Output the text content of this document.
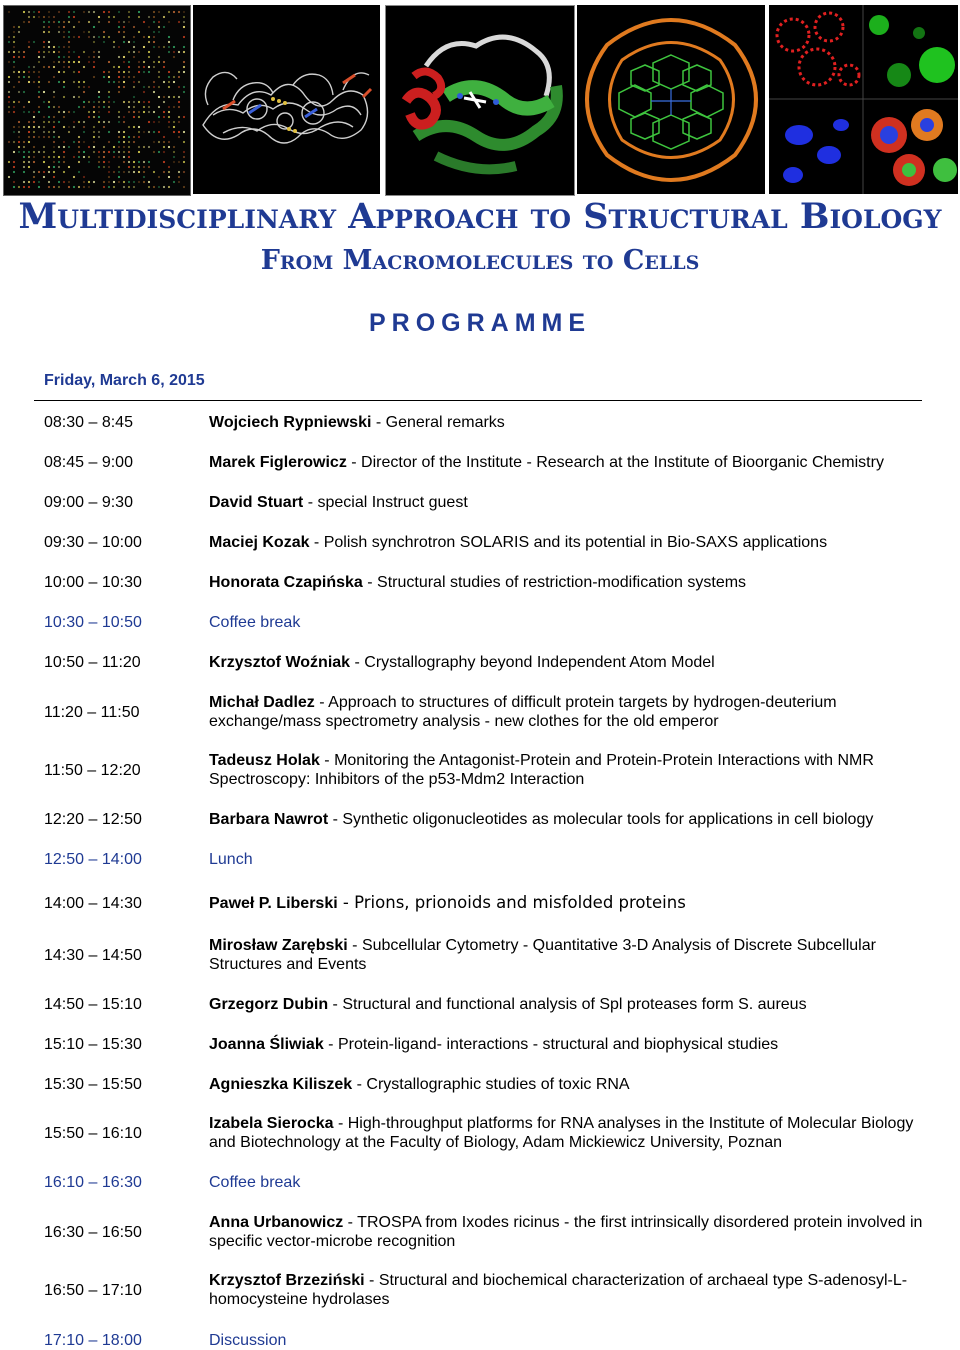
Multidisciplinary Approach to Structural Biology
From Macromolecules to Cells
PROGRAMME
Friday, March 6, 2015
Wojciech Rypniewski - General remarks
08:30 – 8:45
Marek Figlerowicz - Director of the Institute - Research at the Institute of Bioorganic Chemistry
08:45 – 9:00
David Stuart - special Instruct guest
09:00 – 9:30
Maciej Kozak - Polish synchrotron SOLARIS and its potential in Bio-SAXS applications
09:30 – 10:00
Honorata Czapińska - Structural studies of restriction-modification systems
10:00 – 10:30
Coffee break
10:30 – 10:50
Krzysztof Woźniak - Crystallography beyond Independent Atom Model
10:50 – 11:20
Michał Dadlez - Approach to structures of difficult protein targets by hydrogen-deuterium exchange/mass spectrometry analysis - new clothes for the old emperor
11:20 – 11:50
Tadeusz Holak - Monitoring the Antagonist-Protein and Protein-Protein Interactions with NMR Spectroscopy: Inhibitors of the p53-Mdm2 Interaction
11:50 – 12:20
Barbara Nawrot - Synthetic oligonucleotides as molecular tools for applications in cell biology
12:20 – 12:50
Lunch
12:50 – 14:00
Paweł P. Liberski - Prions, prionoids and misfolded proteins
14:00 – 14:30
Mirosław Zarębski - Subcellular Cytometry - Quantitative 3-D Analysis of Discrete Subcellular Structures and Events
14:30 – 14:50
Grzegorz Dubin - Structural and functional analysis of Spl proteases form S. aureus
14:50 – 15:10
Joanna Śliwiak - Protein-ligand- interactions - structural and biophysical studies
15:10 – 15:30
Agnieszka Kiliszek - Crystallographic studies of toxic RNA
15:30 – 15:50
Izabela Sierocka - High-throughput platforms for RNA analyses in the Institute of Molecular Biology and Biotechnology at the Faculty of Biology, Adam Mickiewicz University, Poznan
15:50 – 16:10
Coffee break
16:10 – 16:30
Anna Urbanowicz - TROSPA from Ixodes ricinus - the first intrinsically disordered protein involved in specific vector-microbe recognition
16:30 – 16:50
Krzysztof Brzeziński - Structural and biochemical characterization of archaeal type S-adenosyl-L-homocysteine hydrolases
16:50 – 17:10
Discussion
17:10 – 18:00
